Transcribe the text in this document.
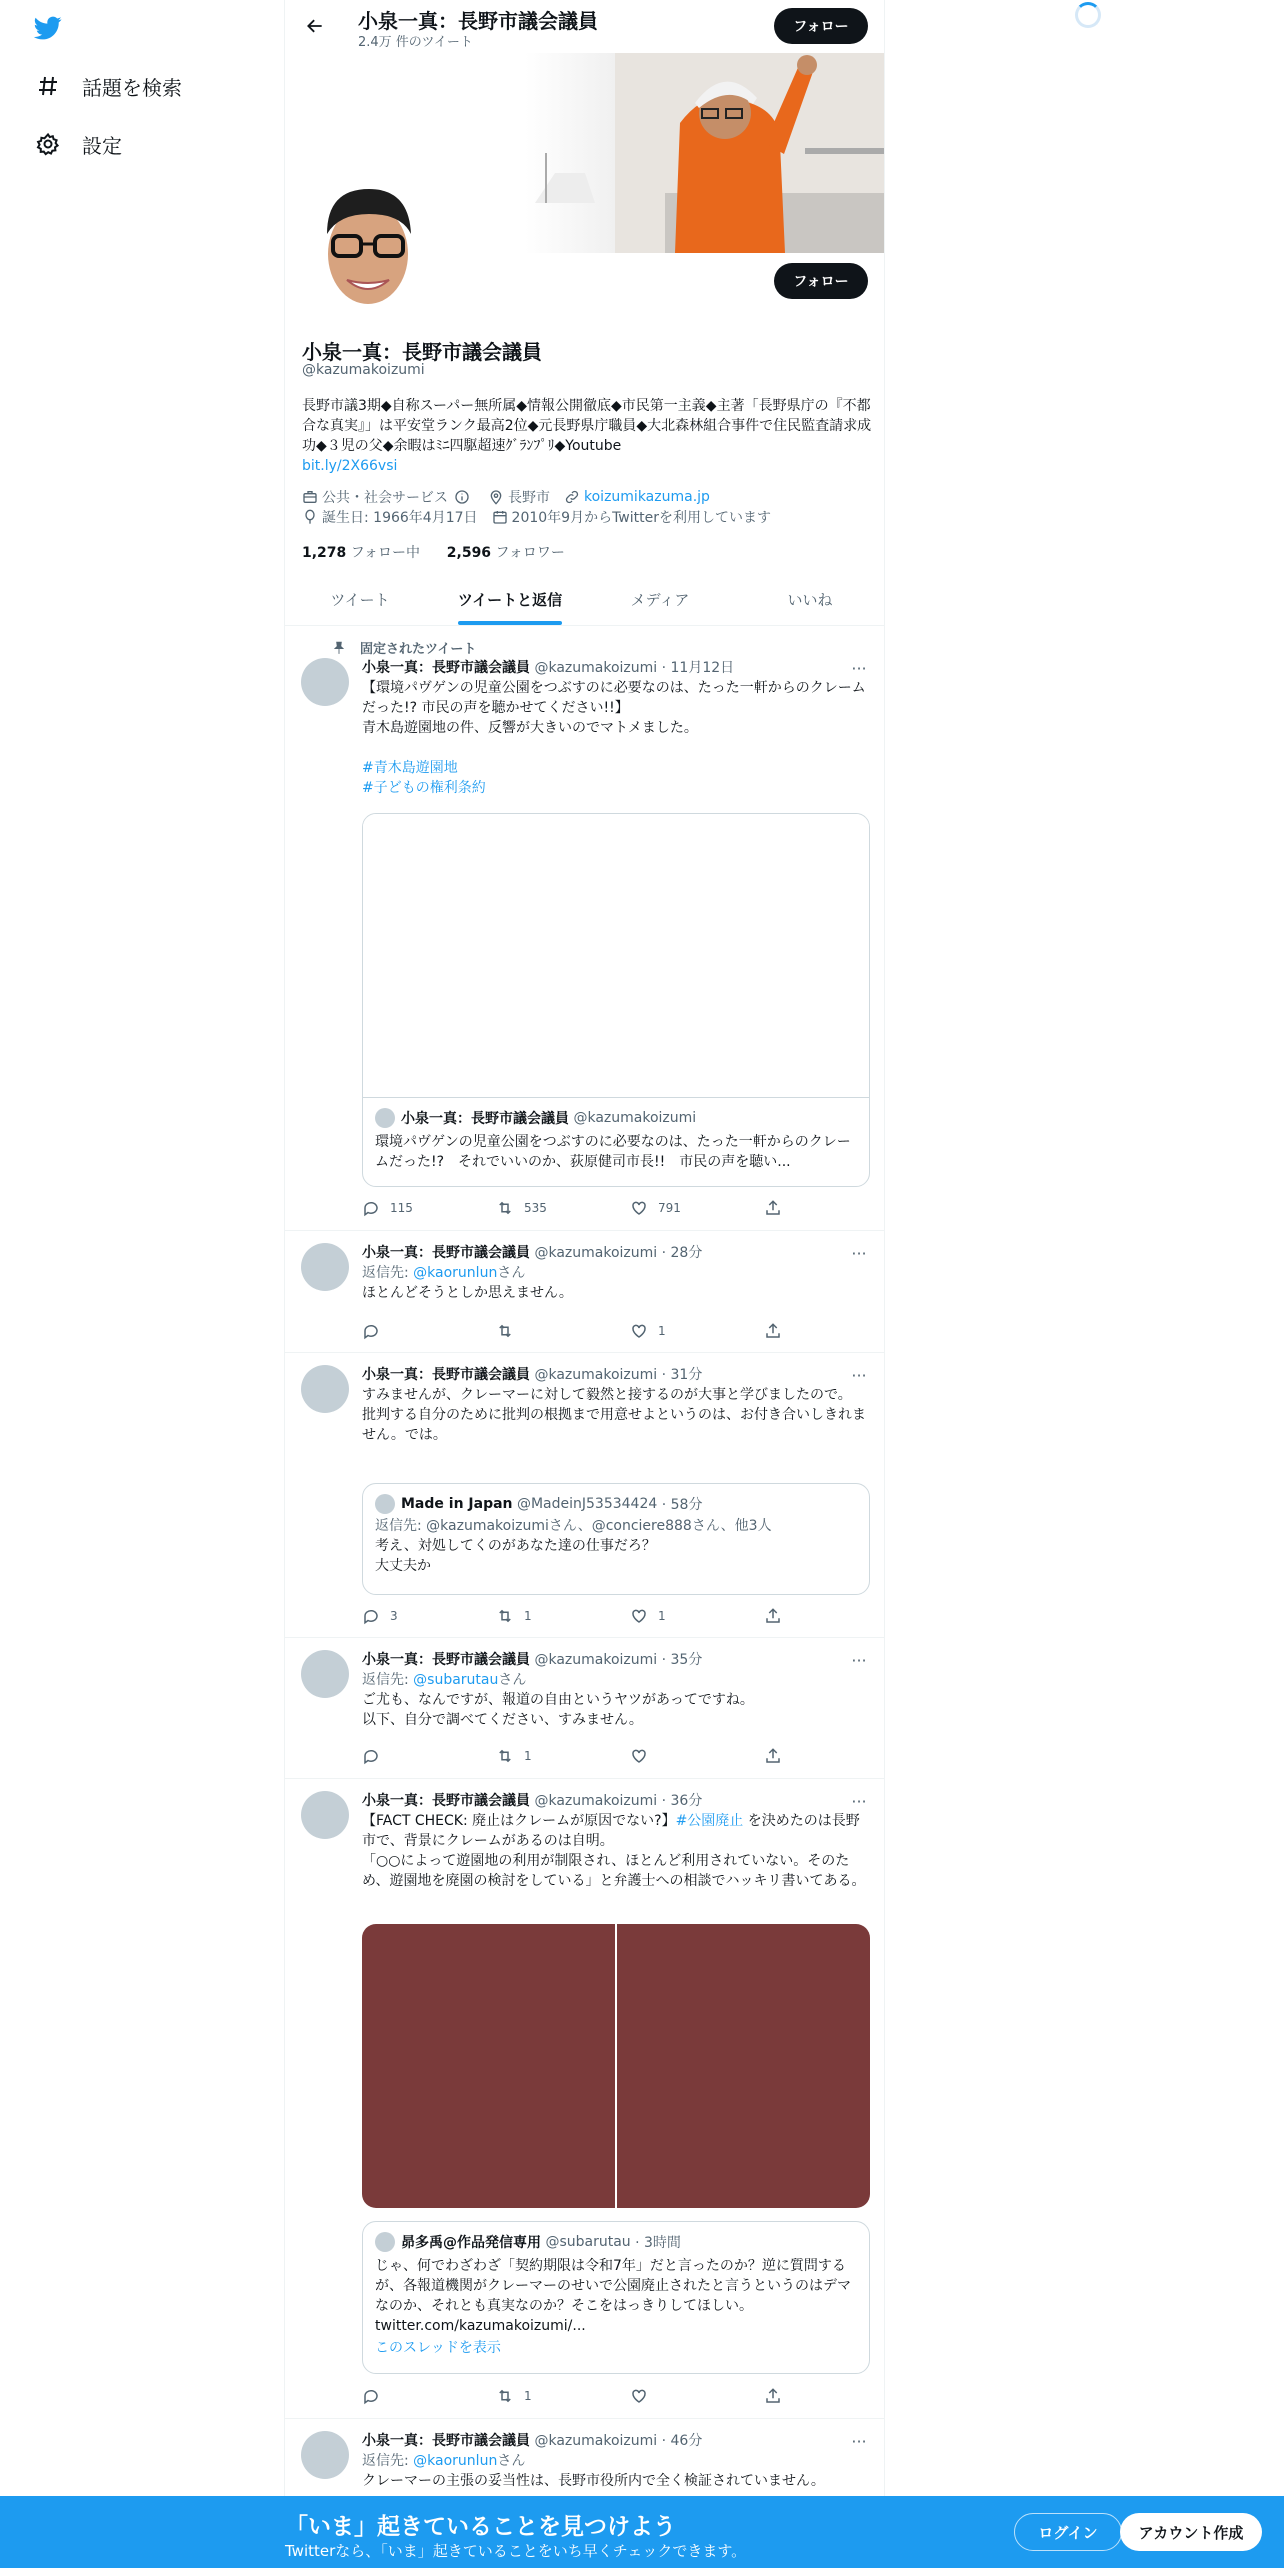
話題を検索
設定
小泉一真：長野市議会議員
2.4万 件のツイート
フォロー
フォロー
小泉一真：長野市議会議員
@kazumakoizumi
長野市議3期◆自称スーパー無所属◆情報公開徹底◆市民第一主義◆主著「長野県庁の『不都合な真実』」は平安堂ランク最高2位◆元長野県庁職員◆大北森林組合事件で住民監査請求成功◆３児の父◆余暇はﾐﾆ四駆超速ｸﾞﾗﾝﾌﾟﾘ◆Youtube
bit.ly/2X66vsi
公共・社会サービス	長野市 koizumikazuma.jp
誕生日: 1966年4月17日 2010年9月からTwitterを利用しています
1,278 フォロー中 2,596 フォロワー
ツイート	ツイートと返信	メディア	いいね
固定されたツイート
···
小泉一真：長野市議会議員 @kazumakoizumi · 11月12日
【環境パヴゲンの児童公園をつぶすのに必要なのは、たった一軒からのクレームだった!? 市民の声を聴かせてください!!】
青木島遊園地の件、反響が大きいのでマトメました。
#青木島遊園地
#子どもの権利条約
小泉一真：長野市議会議員
@kazumakoizumi
環境パヴゲンの児童公園をつぶすのに必要なのは、たった一軒からのクレームだった!?　それでいいのか、荻原健司市長!!　市民の声を聴い...
115	535	791
···
小泉一真：長野市議会議員 @kazumakoizumi · 28分
返信先: @kaorunlunさん
ほとんどそうとしか思えません。
1
···
小泉一真：長野市議会議員 @kazumakoizumi · 31分
すみませんが、クレーマーに対して毅然と接するのが大事と学びましたので。
批判する自分のために批判の根拠まで用意せよというのは、お付き合いしきれません。では。
Made in Japan
@MadeinJ53534424
· 58分
返信先: @kazumakoizumiさん、@conciere888さん、他3人
考え、対処してくのがあなた達の仕事だろ？
大丈夫か
3	1	1
···
小泉一真：長野市議会議員 @kazumakoizumi · 35分
返信先: @subarutauさん
ご尤も、なんですが、報道の自由というヤツがあってですね。
以下、自分で調べてください、すみません。
1
···
小泉一真：長野市議会議員 @kazumakoizumi · 36分
【FACT CHECK: 廃止はクレームが原因でない?】#公園廃止 を決めたのは長野市で、背景にクレームがあるのは自明。
「○○によって遊園地の利用が制限され、ほとんど利用されていない。そのため、遊園地を廃園の検討をしている」と弁護士への相談でハッキリ書いてある。
昴多禹@作品発信専用
@subarutau
· 3時間
じゃ、何でわざわざ「契約期限は令和7年」だと言ったのか？逆に質問するが、各報道機関がクレーマーのせいで公園廃止されたと言うというのはデマなのか、それとも真実なのか？そこをはっきりしてほしい。
twitter.com/kazumakoizumi/...
このスレッドを表示
1
···
小泉一真：長野市議会議員 @kazumakoizumi · 46分
返信先: @kaorunlunさん
クレーマーの主張の妥当性は、長野市役所内で全く検証されていません。
「いま」起きていることを見つけよう
Twitterなら、「いま」起きていることをいち早くチェックできます。
ログイン	アカウント作成
